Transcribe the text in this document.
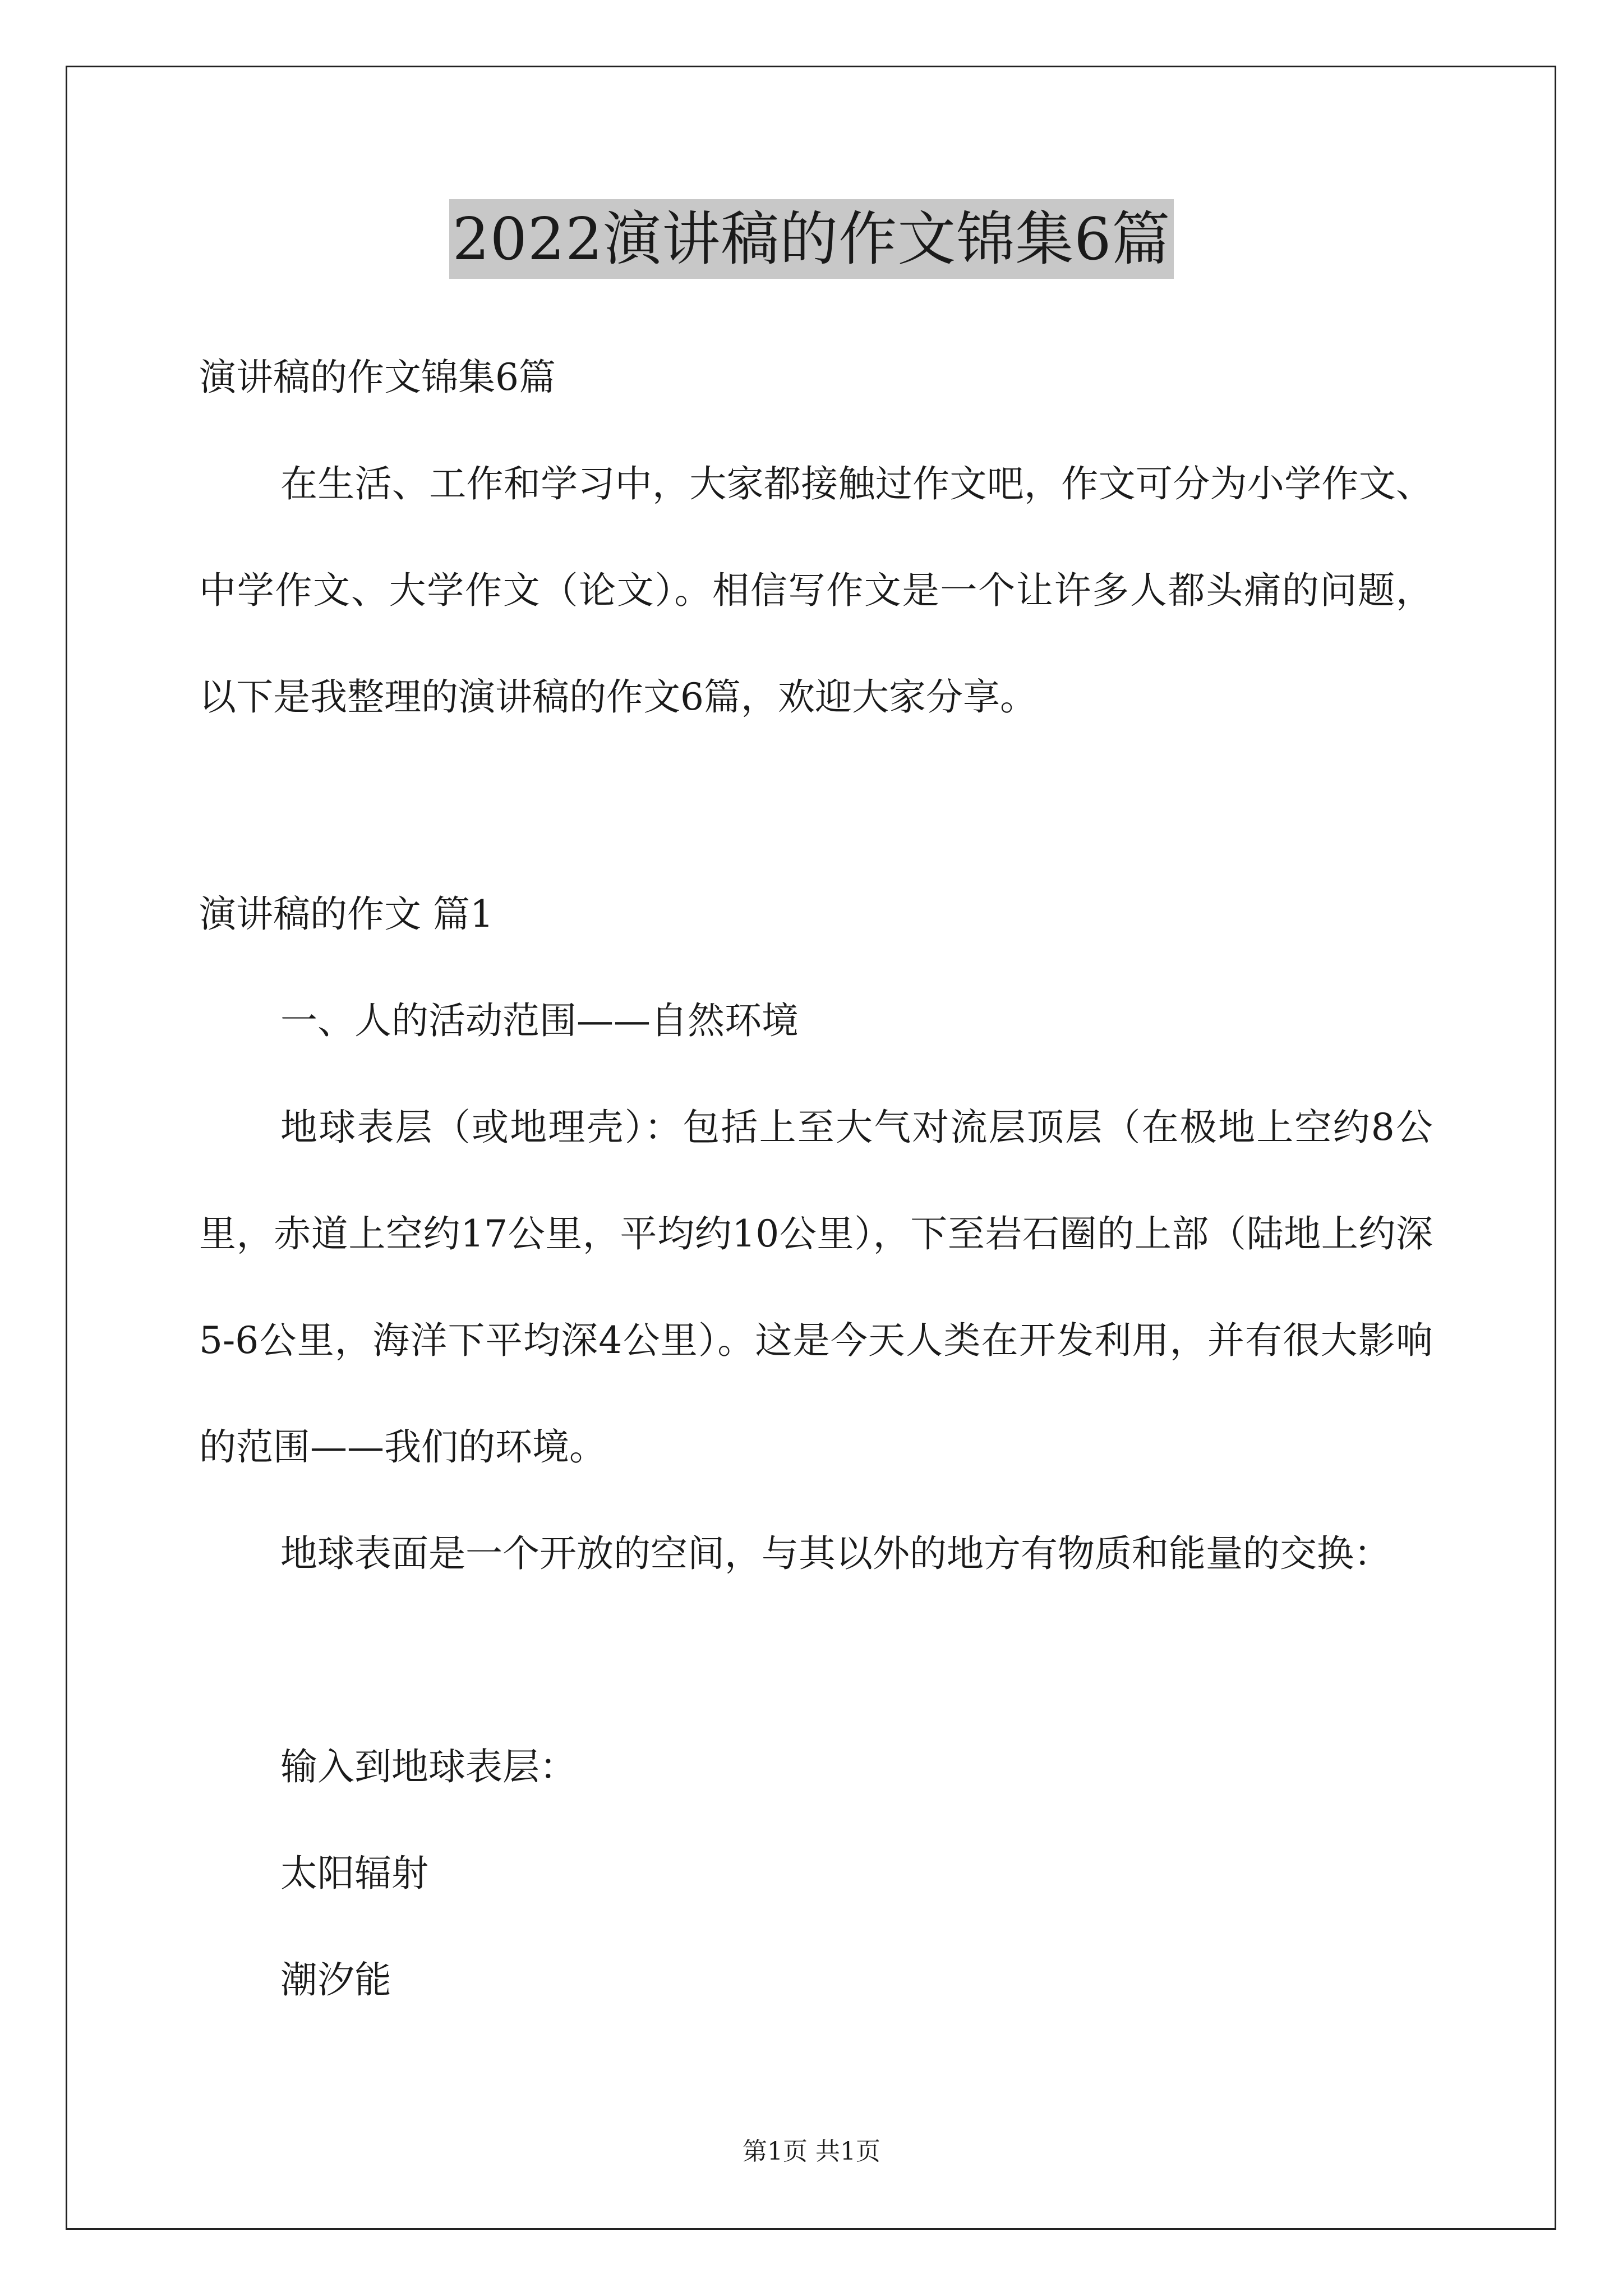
2022演讲稿的作文锦集6篇
演讲稿的作文锦集6篇
在生活、工作和学习中，大家都接触过作文吧，作文可分为小学作文、中学作文、大学作文（论文）。相信写作文是一个让许多人都头痛的问题，以下是我整理的演讲稿的作文6篇，欢迎大家分享。
演讲稿的作文 篇1
一、人的活动范围——自然环境
地球表层（或地理壳）：包括上至大气对流层顶层（在极地上空约8公里，赤道上空约17公里，平均约10公里），下至岩石圈的上部（陆地上约深5-6公里，海洋下平均深4公里）。这是今天人类在开发利用，并有很大影响的范围——我们的环境。
地球表面是一个开放的空间，与其以外的地方有物质和能量的交换：
输入到地球表层：
太阳辐射
潮汐能
第1页 共1页
